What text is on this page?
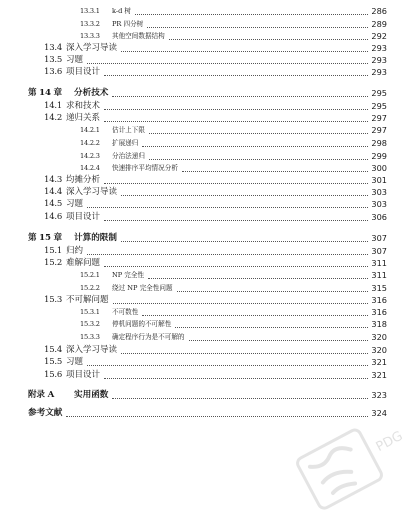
13.3.1 k-d 树	286
13.3.2 PR 四分树	289
13.3.3 其他空间数据结构	292
13.4 深入学习导读	293
13.5 习题	293
13.6 项目设计	293
第 14 章 分析技术	295
14.1 求和技术	295
14.2 递归关系	297
14.2.1 估计上下限	297
14.2.2 扩展递归	298
14.2.3 分治法递归	299
14.2.4 快速排序平均情况分析	300
14.3 均摊分析	301
14.4 深入学习导读	303
14.5 习题	303
14.6 项目设计	306
第 15 章 计算的限制	307
15.1 归约	307
15.2 难解问题	311
15.2.1 NP 完全性	311
15.2.2 绕过 NP 完全性问题	315
15.3 不可解问题	316
15.3.1 不可数性	316
15.3.2 停机问题的不可解性	318
15.3.3 确定程序行为是不可解的	320
15.4 深入学习导读	320
15.5 习题	321
15.6 项目设计	321
附录 A 实用函数	323
参考文献	324
PDG
